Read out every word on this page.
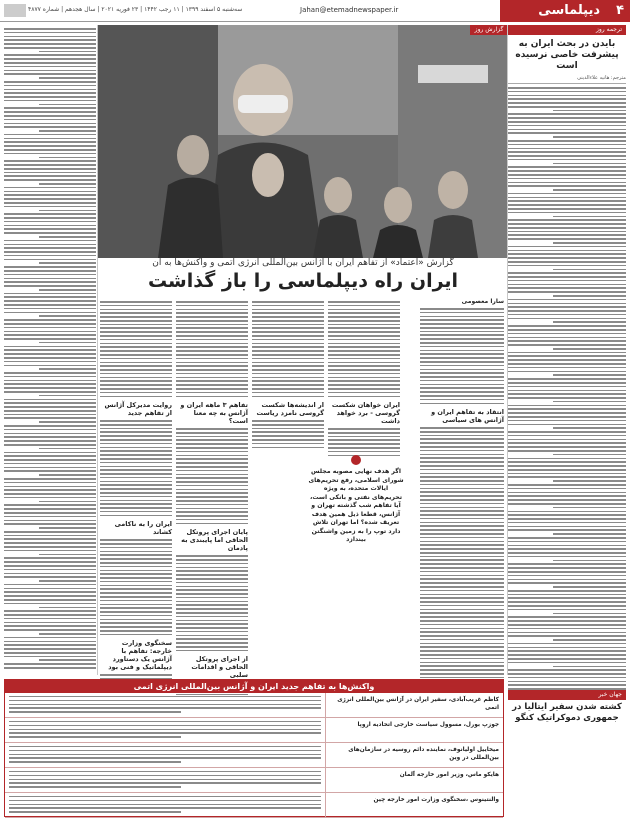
سه‌شنبه ۵ اسفند ۱۳۹۹ | ۱۱ رجب ۱۴۴۲ | ۲۳ فوریه ۲۰۲۱ | سال هجدهم | شماره ۴۸۷۷	Jahan@etemadnewspaper.ir	۴
دیپلماسی
گزارش روز
گزارش «اعتماد» از تفاهم ایران با آژانس بین‌المللی انرژی اتمی و واکنش‌ها به آن
ایران راه دیپلماسی را باز گذاشت
روایت مدیرکل آژانس از تفاهم جدید
ایران را به ناکامی کشاند
سخنگوی وزارت خارجه: تفاهم با آژانس یک دستاورد دیپلماتیک و فنی بود
تفاهم ۳ ماهه ایران و آژانس به چه معنا است؟
پایان اجرای پروتکل الحاقی اما پایبندی به پادمان
از اجرای پروتکل الحاقی و اقدامات سلبی
ار اندیشه‌ها شکست گروسی نامزد ریاست
ایران خواهان شکست گروسی - برد خواهد داشت
سارا معصومی
انتقاد به تفاهم ایران و آژانس های سیاسی

اگر هدف نهایی مصوبه مجلس شورای اسلامی، رفع تحریم‌های ایالات متحده، به ویژه تحریم‌های نفتی و بانکی است، آیا تفاهم شب گذشته تهران و آژانس، قطعا ذیل همین هدف تعریف شده؟ اما تهران تلاش دارد توپ را به زمین واشنگتن بیندازد

ترجمه روز
بایدن در بحث ایران به پیشرفت خاصی نرسیده است
مترجم: هانیه علاء‌الدینی
جهان خبر
کشته شدن سفیر ایتالیا در جمهوری دموکراتیک کنگو
واکنش‌ها به تفاهم جدید ایران و آژانس بین‌المللی انرژی اتمی
کاظم غریب‌آبادی، سفیر ایران در آژانس بین‌المللی انرژی اتمی
جوزپ بورل، مسوول سیاست خارجی اتحادیه اروپا
میخاییل اولیانوف، نماینده دائم روسیه در سازمان‌های بین‌المللی در وین
هایکو ماس، وزیر امور خارجه آلمان
والنتینوس ،سخنگوی وزارت امور خارجه چین
